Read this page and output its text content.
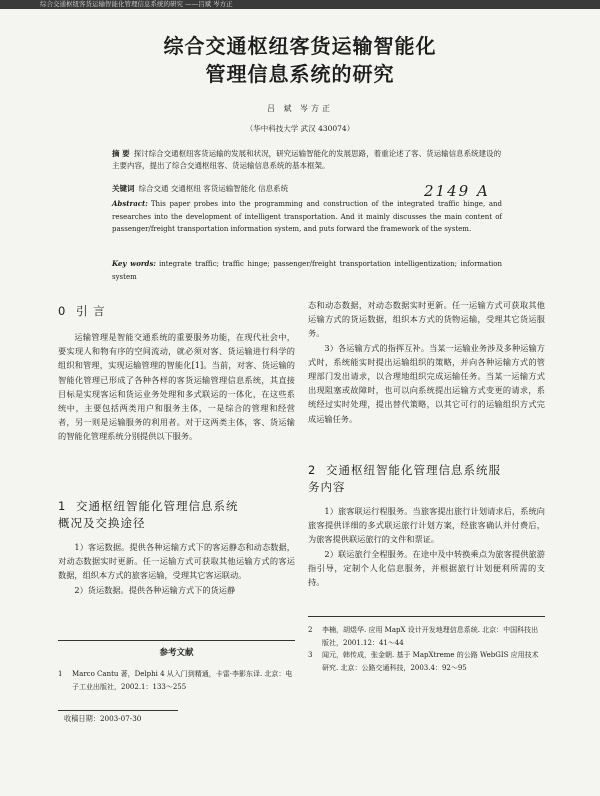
综合交通枢纽客货运输智能化管理信息系统的研究 ——吕斌 岑方正
综合交通枢纽客货运输智能化
管理信息系统的研究
吕 斌 岑方正
（华中科技大学 武汉 430074）
摘 要 探讨综合交通枢纽客货运输的发展和状况，研究运输智能化的发展思路，着重论述了客、货运输信息系统建设的主要内容，提出了综合交通枢纽客、货运输信息系统的基本框架。
关键词 综合交通 交通枢纽 客货运输智能化 信息系统	2149 A
Abstract: This paper probes into the programming and construction of the integrated traffic hinge, and researches into the development of intelligent transportation. And it mainly discusses the main content of passenger/freight transportation information system, and puts forward the framework of the system.
Key words: integrate traffic; traffic hinge; passenger/freight transportation intelligentization; information system
0 引 言

运输管理是智能交通系统的重要服务功能，在现代社会中，要实现人和物有序的空间流动，就必须对客、货运输进行科学的组织和管理，实现运输管理的智能化[1]。当前，对客、货运输的智能化管理已形成了各种各样的客货运输管理信息系统，其直接目标是实现客运和货运业务处理和多式联运的一体化，在这些系统中，主要包括两类用户和服务主体，一是综合的管理和经营者，另一则是运输服务的利用者。对于这两类主体，客、货运输的智能化管理系统分别提供以下服务。

1 交通枢纽智能化管理信息系统
概况及交换途径

1）客运数据。提供各种运输方式下的客运静态和动态数据，对动态数据实时更新。任一运输方式可获取其他运输方式的客运数据，组织本方式的旅客运输，受理其它客运联动。

2）货运数据。提供各种运输方式下的货运静

态和动态数据，对动态数据实时更新。任一运输方式可获取其他运输方式的货运数据，组织本方式的货物运输，受理其它货运服务。

3）各运输方式的指挥互补。当某一运输业务涉及多种运输方式时，系统能实时提出运输组织的策略，并向各种运输方式的管理部门发出请求，以合理地组织完成运输任务。当某一运输方式出现阻塞或故障时，也可以向系统提出运输方式变更的请求，系统经过实时处理，提出替代策略，以其它可行的运输组织方式完成运输任务。

2 交通枢纽智能化管理信息系统服
务内容

1）旅客联运行程服务。当旅客提出旅行计划请求后，系统向旅客提供详细的多式联运旅行计划方案，经旅客确认并付费后，为旅客提供联运旅行的文件和票证。

2）联运旅行全程服务。在途中及中转换乘点为旅客提供旅游指引导，定制个人化信息服务，并根据旅行计划便利所需的支持。

参考文献
1	Marco Cantu 著，Delphi 4 从入门到精通，卡雷·李影东译. 北京：电子工业出版社，2002.1：133～255
2	李楠，胡煜华. 应用 MapX 设计开发地理信息系统. 北京：中国科技出版社，2001.12：41～44
3	闻元，韩传成，张金朝. 基于 MapXtreme 的公路 WebGIS 应用技术研究. 北京：公路交通科技，2003.4：92～95
收稿日期：2003-07-30
